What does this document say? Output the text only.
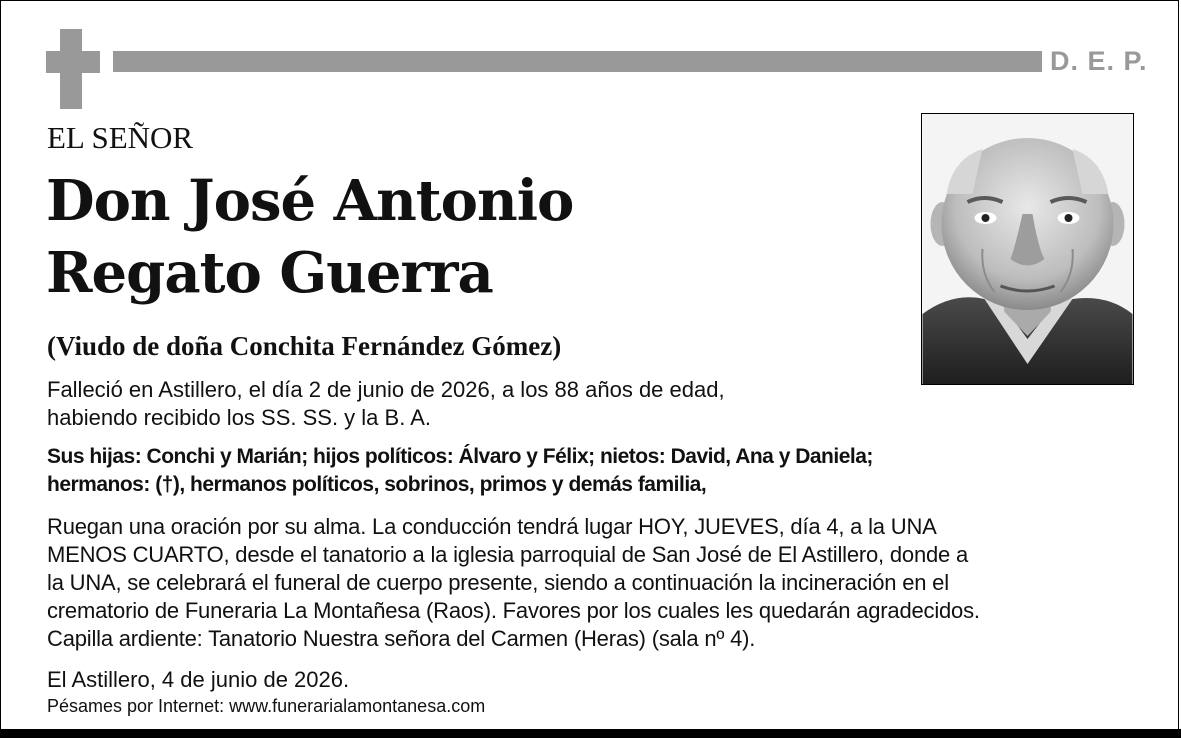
D. E. P.
EL SEÑOR
Don José Antonio
Regato Guerra
(Viudo de doña Conchita Fernández Gómez)
Falleció en Astillero, el día 2 de junio de 2026, a los 88 años de edad,
habiendo recibido los SS. SS. y la B. A.
Sus hijas: Conchi y Marián; hijos políticos: Álvaro y Félix; nietos: David, Ana y Daniela;
hermanos: (†), hermanos políticos, sobrinos, primos y demás familia,
Ruegan una oración por su alma. La conducción tendrá lugar HOY, JUEVES, día 4, a la UNA
MENOS CUARTO, desde el tanatorio a la iglesia parroquial de San José de El Astillero, donde a
la UNA, se celebrará el funeral de cuerpo presente, siendo a continuación la incineración en el
crematorio de Funeraria La Montañesa (Raos). Favores por los cuales les quedarán agradecidos.
Capilla ardiente: Tanatorio Nuestra señora del Carmen (Heras) (sala nº 4).
El Astillero, 4 de junio de 2026.
Pésames por Internet: www.funerarialamontanesa.com
